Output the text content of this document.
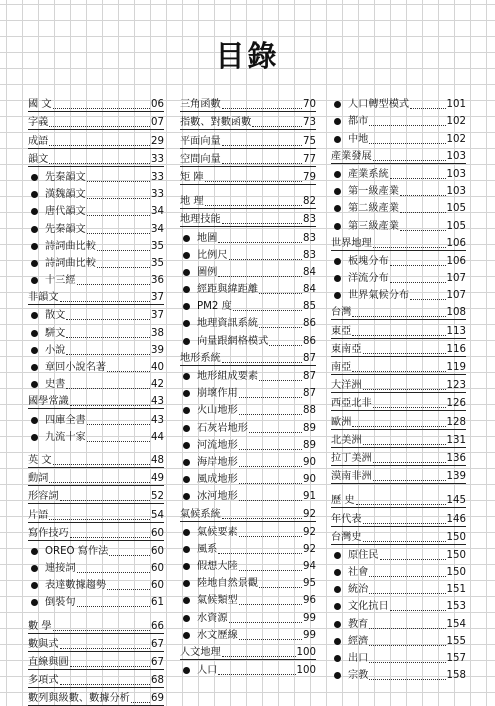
目錄
國 文	06
字義	07
成語	29
韻文	33
先秦韻文	33
漢魏韻文	33
唐代韻文	34
先秦韻文	34
詩詞曲比較	35
詩詞曲比較	35
十三經	36
非韻文	37
散文	37
駢文	38
小說	39
章回小說名著	40
史書	42
國學常識	43
四庫全書	43
九流十家	44
英 文	48
動詞	49
形容詞	52
片語	54
寫作技巧	60
OREO 寫作法	60
連接詞	60
表達數據趨勢	60
倒裝句	61
數 學	66
數與式	67
直線與圓	67
多項式	68
數列與級數、數據分析 69
三角函數	70
指數、對數函數	73
平面向量	75
空間向量	77
矩 陣	79
地 理	82
地理技能	83
地圖	83
比例尺	83
圖例	84
經距與緯距離	84
PM2 度	85
地理資訊系統	86
向量跟網格模式	86
地形系統	87
地形組成要素	87
崩壞作用	87
火山地形	88
石灰岩地形	89
河流地形	89
海岸地形	90
風成地形	90
冰河地形	91
氣候系統	92
氣候要素	92
風系	92
假想大陸	94
陸地自然景觀	95
氣候類型	96
水資源	99
水文歷線	99
人文地理	100
人口	100
人口轉型模式	101
都市	102
中地	102
產業發展	103
產業系統	103
第一級產業	103
第二級產業	105
第三級產業	105
世界地理	106
板塊分布	106
洋流分布	107
世界氣候分布	107
台灣	108
東亞	113
東南亞	116
南亞	119
大洋洲	123
西亞北非	126
歐洲	128
北美洲	131
拉丁美洲	136
漠南非洲	139
歷 史	145
年代表	146
台灣史	150
原住民	150
社會	150
統治	151
文化抗日	153
教育	154
經濟	155
出口	157
宗教	158
